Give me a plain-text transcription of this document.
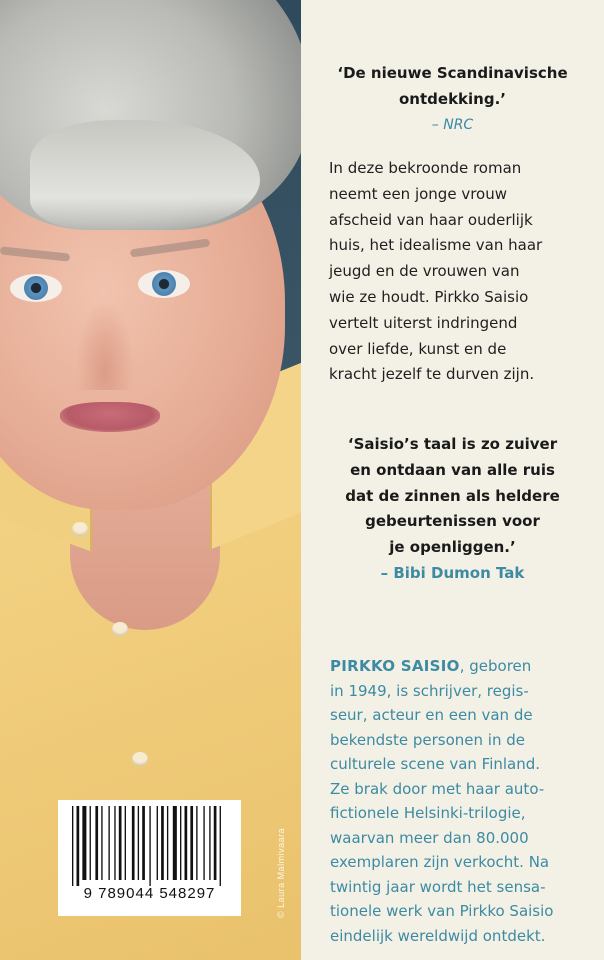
9 789044 548297	© Laura Malmivaara
‘De nieuwe Scandinavische
ontdekking.’
– NRC
In deze bekroonde roman
neemt een jonge vrouw
afscheid van haar ouderlijk
huis, het idealisme van haar
jeugd en de vrouwen van
wie ze houdt. Pirkko Saisio
vertelt uiterst indringend
over liefde, kunst en de
kracht jezelf te durven zijn.
‘Saisio’s taal is zo zuiver
en ontdaan van alle ruis
dat de zinnen als heldere
gebeurtenissen voor
je openliggen.’
– Bibi Dumon Tak
PIRKKO SAISIO, geboren
in 1949, is schrijver, regis-
seur, acteur en een van de
bekendste personen in de
culturele scene van Finland.
Ze brak door met haar auto-
fictionele Helsinki-trilogie,
waarvan meer dan 80.000
exemplaren zijn verkocht. Na
twintig jaar wordt het sensa-
tionele werk van Pirkko Saisio
eindelijk wereldwijd ontdekt.
